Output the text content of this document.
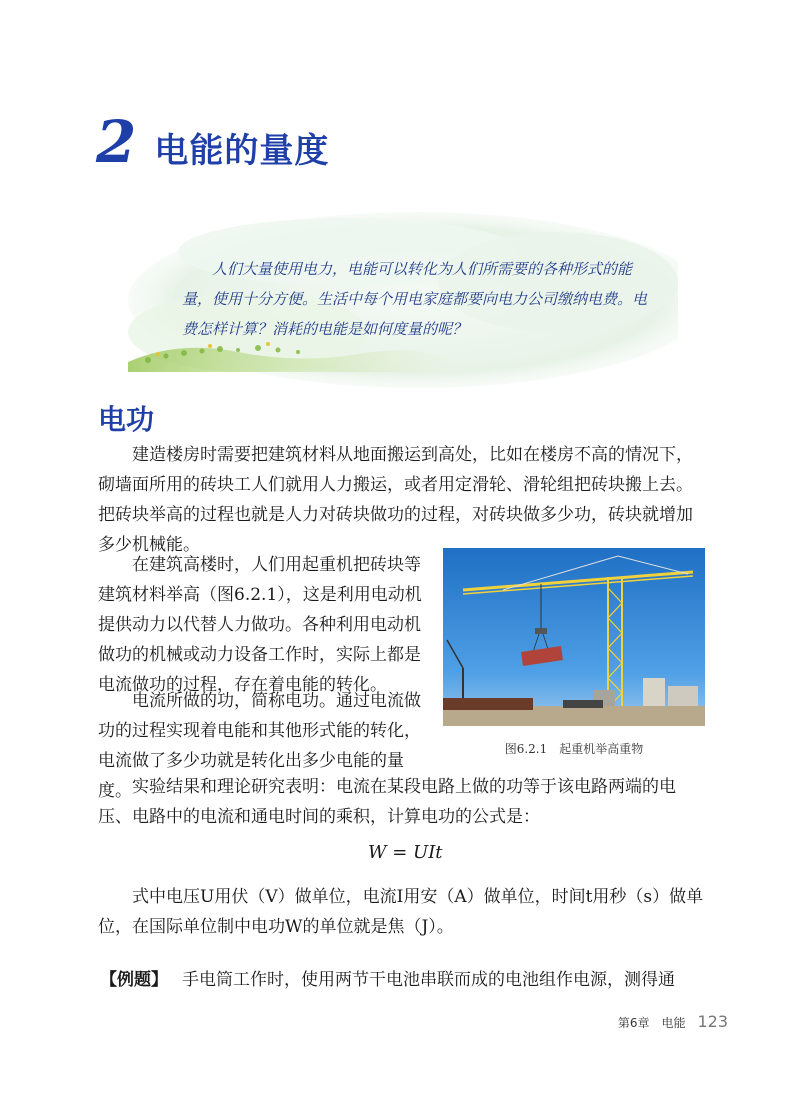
2 电能的量度
人们大量使用电力，电能可以转化为人们所需要的各种形式的能量，使用十分方便。生活中每个用电家庭都要向电力公司缴纳电费。电费怎样计算？消耗的电能是如何度量的呢？
电功
建造楼房时需要把建筑材料从地面搬运到高处，比如在楼房不高的情况下，砌墙面所用的砖块工人们就用人力搬运，或者用定滑轮、滑轮组把砖块搬上去。把砖块举高的过程也就是人力对砖块做功的过程，对砖块做多少功，砖块就增加多少机械能。
在建筑高楼时，人们用起重机把砖块等建筑材料举高（图6.2.1），这是利用电动机提供动力以代替人力做功。各种利用电动机做功的机械或动力设备工作时，实际上都是电流做功的过程，存在着电能的转化。
电流所做的功，简称电功。通过电流做功的过程实现着电能和其他形式能的转化，电流做了多少功就是转化出多少电能的量度。 实验结果和理论研究表明：电流在某段电路上做的功等于该电路两端的电压、电路中的电流和通电时间的乘积，计算电功的公式是：
W = UIt
式中电压U用伏（V）做单位，电流I用安（A）做单位，时间t用秒（s）做单位，在国际单位制中电功W的单位就是焦（J）。
【例题】 手电筒工作时，使用两节干电池串联而成的电池组作电源，测得通
图6.2.1　起重机举高重物
第6章　电能 123
